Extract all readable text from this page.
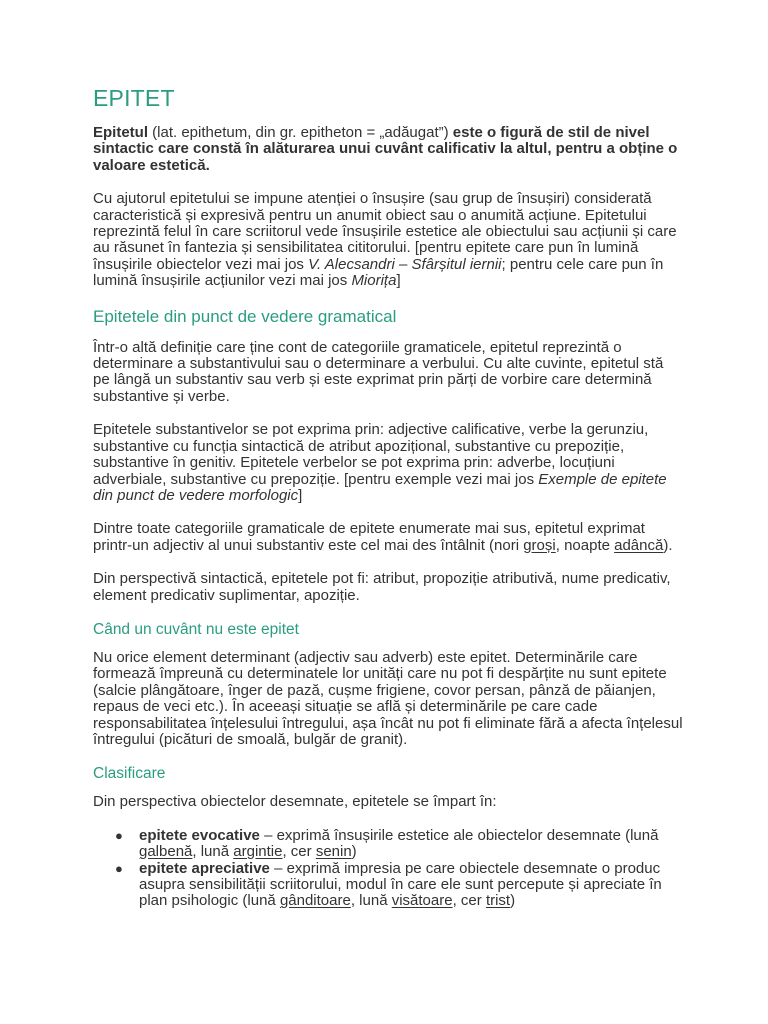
EPITET

Epitetul (lat. epithetum, din gr. epitheton = „adăugat”) este o figură de stil de nivel sintactic care constă în alăturarea unui cuvânt calificativ la altul, pentru a obține o valoare estetică.

Cu ajutorul epitetului se impune atenției o însușire (sau grup de însușiri) considerată caracteristică și expresivă pentru un anumit obiect sau o anumită acțiune. Epitetului reprezintă felul în care scriitorul vede însușirile estetice ale obiectului sau acțiunii și care au răsunet în fantezia și sensibilitatea cititorului. [pentru epitete care pun în lumină însușirile obiectelor vezi mai jos V. Alecsandri – Sfârșitul iernii; pentru cele care pun în lumină însușirile acțiunilor vezi mai jos Miorița]

Epitetele din punct de vedere gramatical

Într-o altă definiție care ține cont de categoriile gramaticele, epitetul reprezintă o determinare a substantivului sau o determinare a verbului. Cu alte cuvinte, epitetul stă pe lângă un substantiv sau verb și este exprimat prin părți de vorbire care determină substantive și verbe.

Epitetele substantivelor se pot exprima prin: adjective calificative, verbe la gerunziu, substantive cu funcția sintactică de atribut apozițional, substantive cu prepoziție, substantive în genitiv. Epitetele verbelor se pot exprima prin: adverbe, locuțiuni adverbiale, substantive cu prepoziție. [pentru exemple vezi mai jos Exemple de epitete din punct de vedere morfologic]

Dintre toate categoriile gramaticale de epitete enumerate mai sus, epitetul exprimat printr-un adjectiv al unui substantiv este cel mai des întâlnit (nori groși, noapte adâncă).

Din perspectivă sintactică, epitetele pot fi: atribut, propoziție atributivă, nume predicativ, element predicativ suplimentar, apoziție.

Când un cuvânt nu este epitet

Nu orice element determinant (adjectiv sau adverb) este epitet. Determinările care formează împreună cu determinatele lor unități care nu pot fi despărțite nu sunt epitete (salcie plângătoare, înger de pază, cușme frigiene, covor persan, pânză de păianjen, repaus de veci etc.). În aceeași situație se află și determinările pe care cade responsabilitatea înțelesului întregului, așa încât nu pot fi eliminate fără a afecta înțelesul întregului (picături de smoală, bulgăr de granit).

Clasificare

Din perspectiva obiectelor desemnate, epitetele se împart în:

● epitete evocative – exprimă însușirile estetice ale obiectelor desemnate (lună galbenă, lună argintie, cer senin)
● epitete apreciative – exprimă impresia pe care obiectele desemnate o produc asupra sensibilității scriitorului, modul în care ele sunt percepute și apreciate în plan psihologic (lună gânditoare, lună visătoare, cer trist)
